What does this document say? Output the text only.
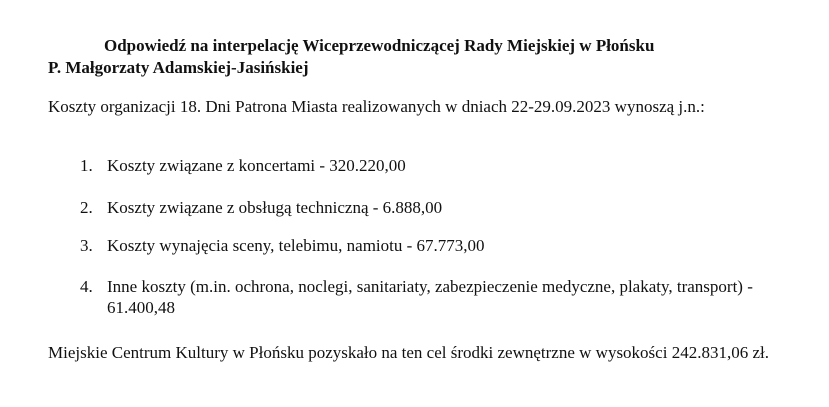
Odpowiedź na interpelację Wiceprzewodniczącej Rady Miejskiej w Płońsku
P. Małgorzaty Adamskiej-Jasińskiej
Koszty organizacji 18. Dni Patrona Miasta realizowanych w dniach 22-29.09.2023 wynoszą j.n.:
1. Koszty związane z koncertami - 320.220,00
2. Koszty związane z obsługą techniczną - 6.888,00
3. Koszty wynajęcia sceny, telebimu, namiotu - 67.773,00
4. Inne koszty (m.in. ochrona, noclegi, sanitariaty, zabezpieczenie medyczne, plakaty, transport) - 61.400,48
Miejskie Centrum Kultury w Płońsku pozyskało na ten cel środki zewnętrzne w wysokości 242.831,06 zł.
